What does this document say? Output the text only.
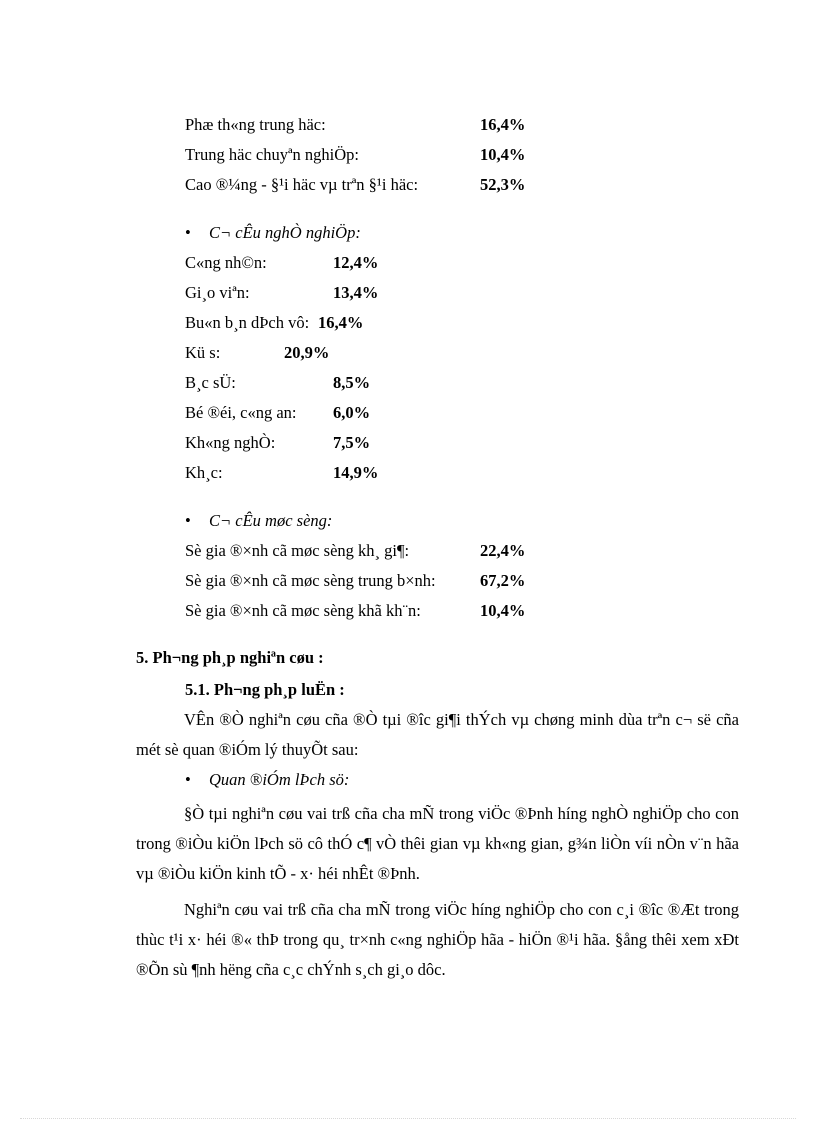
Phæ th«ng trung häc:	16,4%
Trung häc chuyªn nghiÖp:	10,4%
Cao ®¼ng - §¹i häc vµ trªn §¹i häc:	52,3%
• C¬ cÊu nghÒ nghiÖp:
C«ng nh©n:	12,4%
Gi¸o viªn:	13,4%
Bu«n b¸n dÞch vô: 16,4%
Kü s:	20,9%
B¸c sÜ:	8,5%
Bé ®éi, c«ng an: 6,0%
Kh«ng nghÒ:	7,5%
Kh¸c:	14,9%
• C¬ cÊu møc sèng:
Sè gia ®×nh cã møc sèng kh¸ gi¶:	22,4%
Sè gia ®×nh cã møc sèng trung b×nh:	67,2%
Sè gia ®×nh cã møc sèng khã kh¨n:	10,4%
5. Ph¬ng ph¸p nghiªn cøu :
5.1. Ph¬ng ph¸p luËn :
VÊn ®Ò nghiªn cøu cña ®Ò tµi ®îc gi¶i thÝch vµ chøng minh dùa trªn c¬ së cña mét sè quan ®iÓm lý thuyÕt sau:
• Quan ®iÓm lÞch sö:
§Ò tµi nghiªn cøu vai trß cña cha mÑ trong viÖc ®Þnh híng nghÒ nghiÖp cho con trong ®iÒu kiÖn lÞch sö cô thÓ c¶ vÒ thêi gian vµ kh«ng gian, g¾n liÒn víi nÒn v¨n hãa vµ ®iÒu kiÖn kinh tÕ - x· héi nhÊt ®Þnh.
Nghiªn cøu vai trß cña cha mÑ trong viÖc híng nghiÖp cho con c¸i ®îc ®Æt trong thùc t¹i x· héi ®« thÞ trong qu¸ tr×nh c«ng nghiÖp hãa - hiÖn ®¹i hãa. §ång thêi xem xÐt ®Õn sù ¶nh hëng cña c¸c chÝnh s¸ch gi¸o dôc.
